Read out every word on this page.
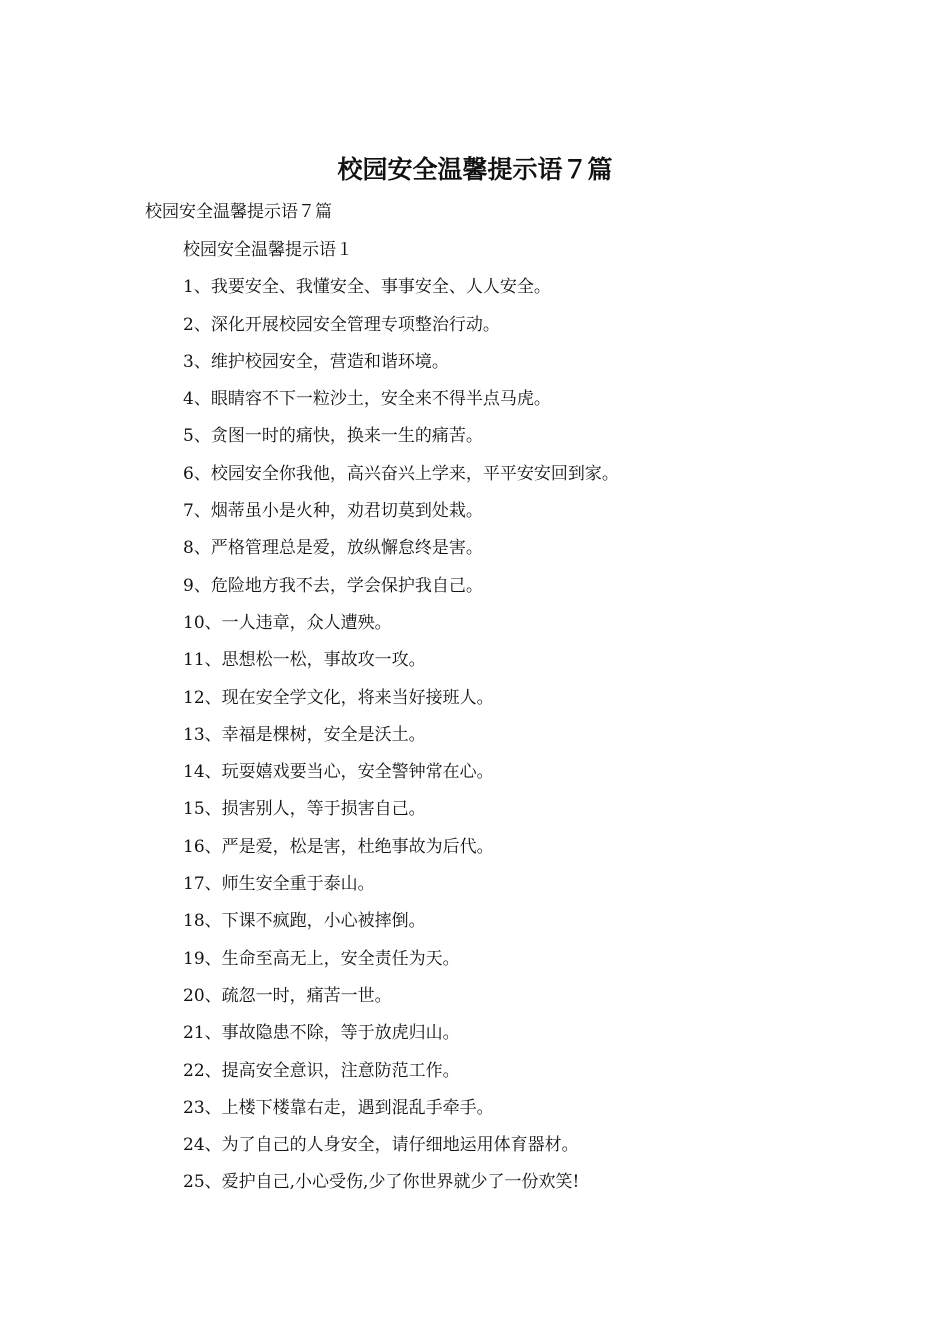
校园安全温馨提示语７篇

校园安全温馨提示语７篇

校园安全温馨提示语１

1、我要安全、我懂安全、事事安全、人人安全。

2、深化开展校园安全管理专项整治行动。

3、维护校园安全，营造和谐环境。

4、眼睛容不下一粒沙土，安全来不得半点马虎。

5、贪图一时的痛快，换来一生的痛苦。

6、校园安全你我他，高兴奋兴上学来，平平安安回到家。

7、烟蒂虽小是火种，劝君切莫到处栽。

8、严格管理总是爱，放纵懈怠终是害。

9、危险地方我不去，学会保护我自己。

10、一人违章，众人遭殃。

11、思想松一松，事故攻一攻。

12、现在安全学文化，将来当好接班人。

13、幸福是棵树，安全是沃土。

14、玩耍嬉戏要当心，安全警钟常在心。

15、损害别人，等于损害自己。

16、严是爱，松是害，杜绝事故为后代。

17、师生安全重于泰山。

18、下课不疯跑，小心被摔倒。

19、生命至高无上，安全责任为天。

20、疏忽一时，痛苦一世。

21、事故隐患不除，等于放虎归山。

22、提高安全意识，注意防范工作。

23、上楼下楼靠右走，遇到混乱手牵手。

24、为了自己的人身安全，请仔细地运用体育器材。

25、爱护自己,小心受伤,少了你世界就少了一份欢笑!
